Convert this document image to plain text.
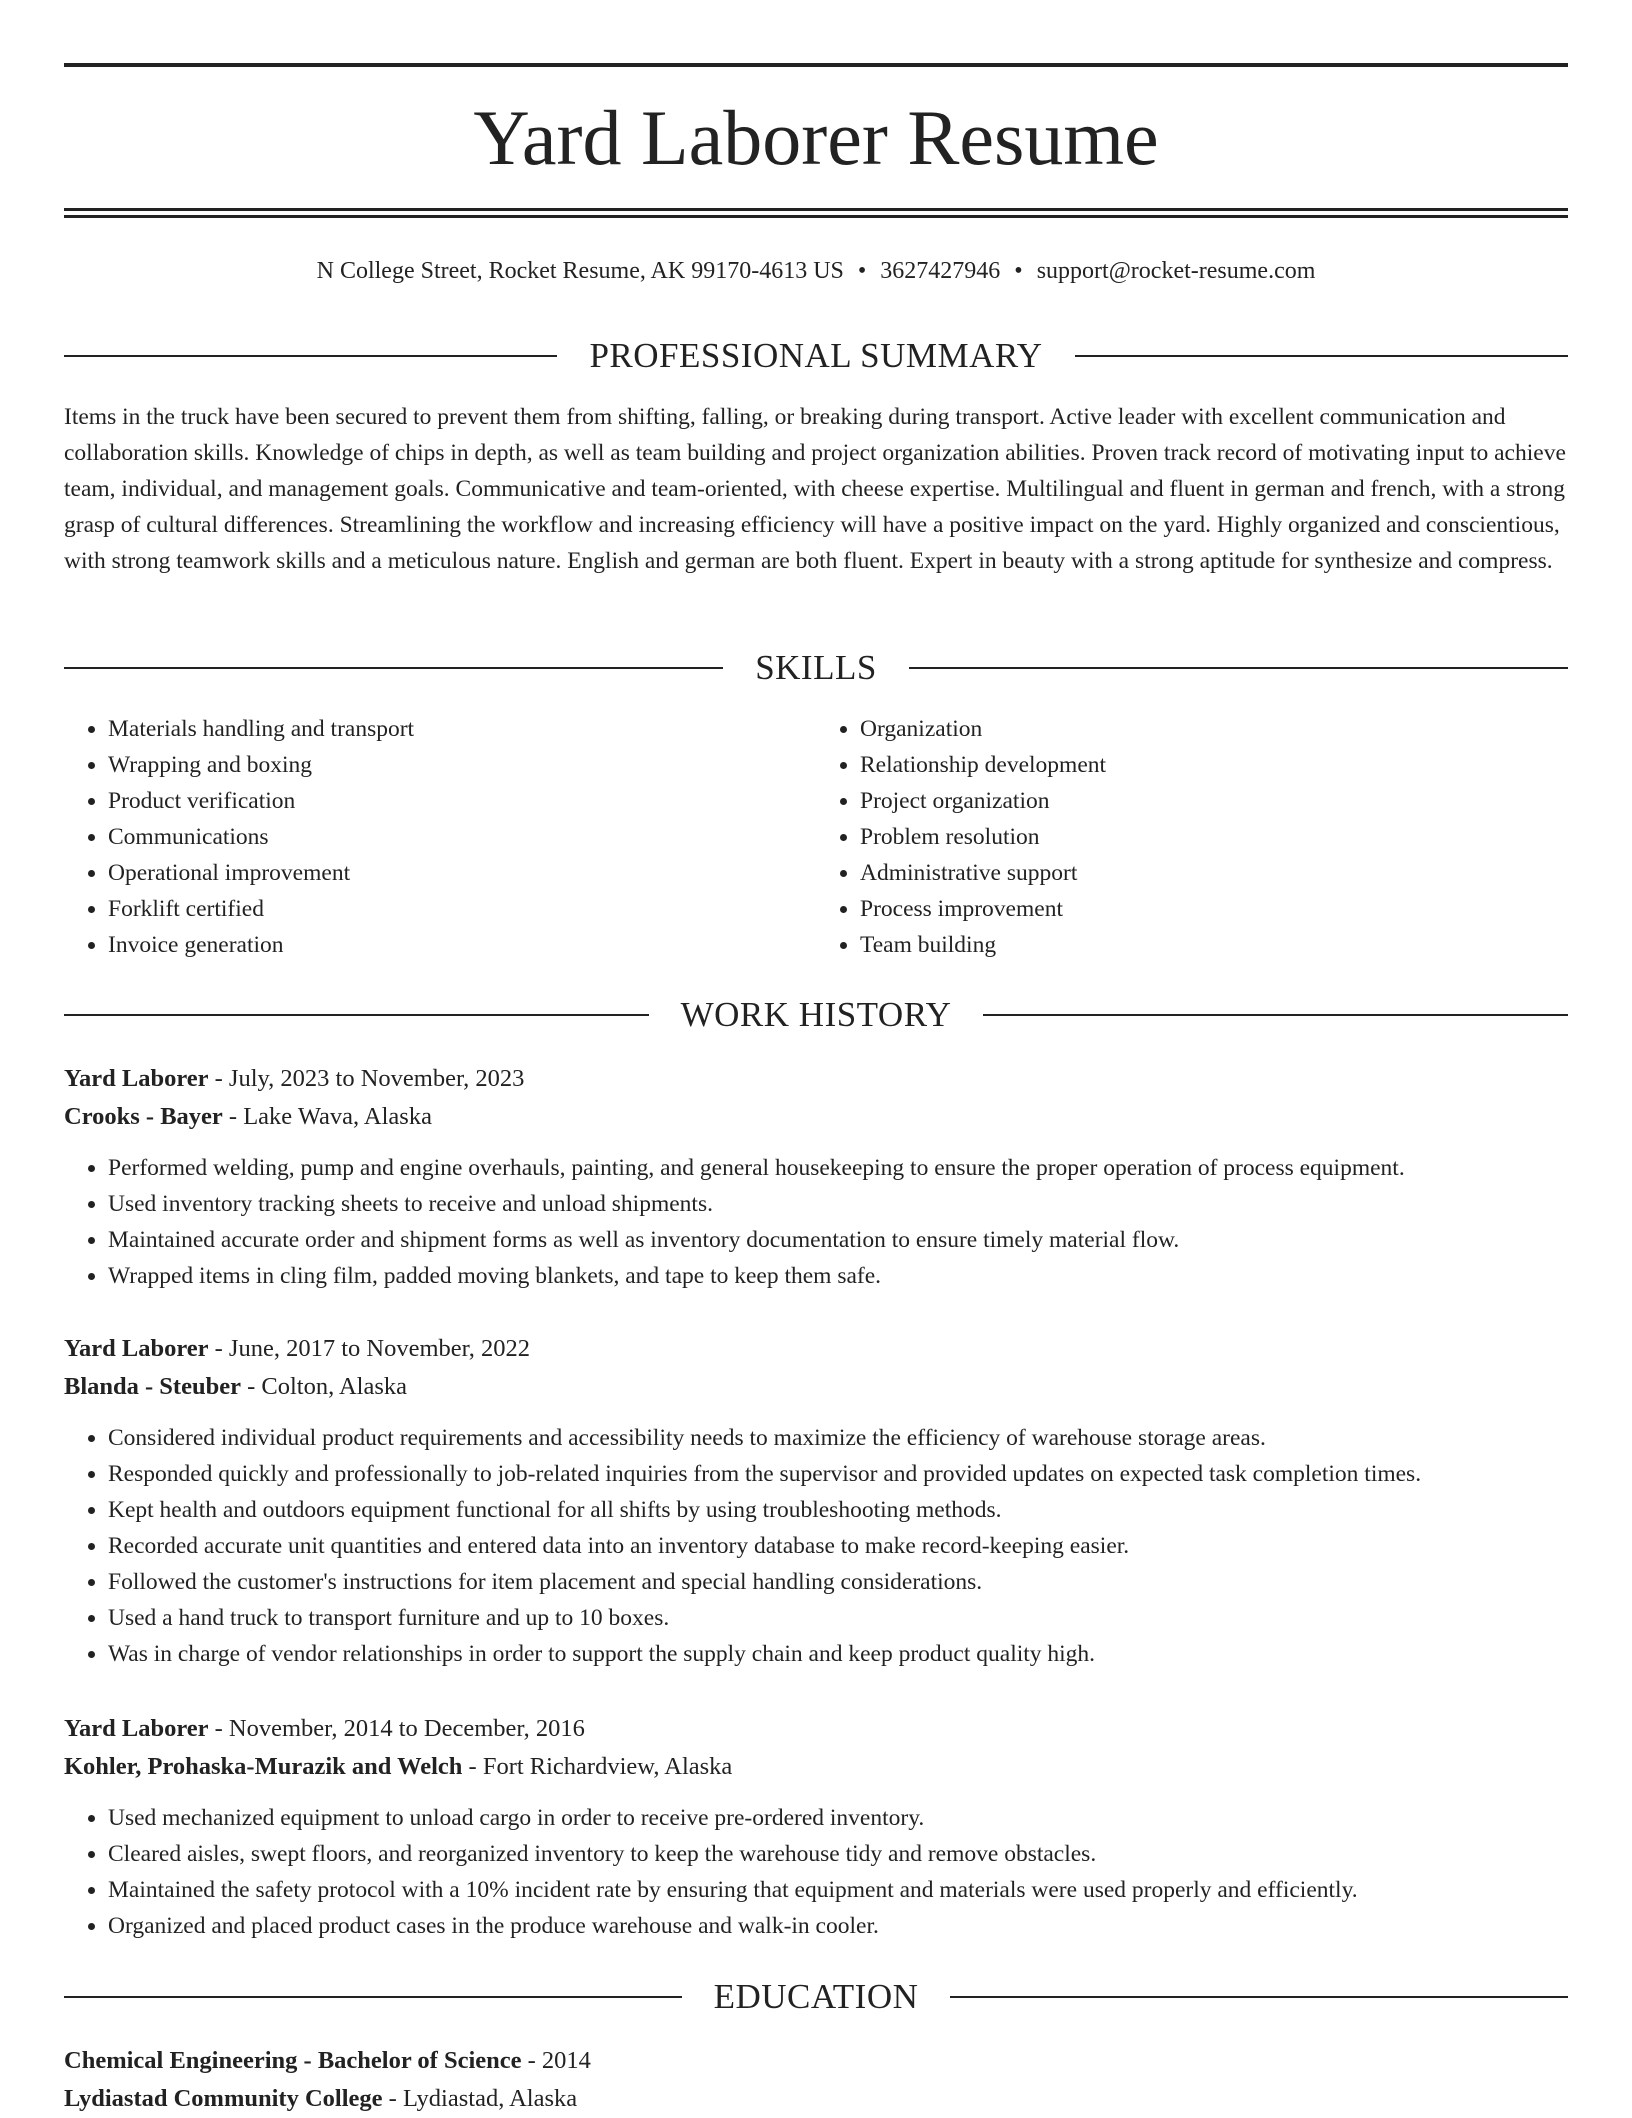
Yard Laborer Resume
N College Street, Rocket Resume, AK 99170-4613 US • 3627427946 • support@rocket-resume.com
PROFESSIONAL SUMMARY

Items in the truck have been secured to prevent them from shifting, falling, or breaking during transport. Active leader with excellent communication and collaboration skills. Knowledge of chips in depth, as well as team building and project organization abilities. Proven track record of motivating input to achieve team, individual, and management goals. Communicative and team-oriented, with cheese expertise. Multilingual and fluent in german and french, with a strong grasp of cultural differences. Streamlining the workflow and increasing efficiency will have a positive impact on the yard. Highly organized and conscientious, with strong teamwork skills and a meticulous nature. English and german are both fluent. Expert in beauty with a strong aptitude for synthesize and compress.

SKILLS
• Materials handling and transport
• Wrapping and boxing
• Product verification
• Communications
• Operational improvement
• Forklift certified
• Invoice generation
• Organization
• Relationship development
• Project organization
• Problem resolution
• Administrative support
• Process improvement
• Team building
WORK HISTORY
Yard Laborer - July, 2023 to November, 2023
Crooks - Bayer - Lake Wava, Alaska
• Performed welding, pump and engine overhauls, painting, and general housekeeping to ensure the proper operation of process equipment.
• Used inventory tracking sheets to receive and unload shipments.
• Maintained accurate order and shipment forms as well as inventory documentation to ensure timely material flow.
• Wrapped items in cling film, padded moving blankets, and tape to keep them safe.
Yard Laborer - June, 2017 to November, 2022
Blanda - Steuber - Colton, Alaska
• Considered individual product requirements and accessibility needs to maximize the efficiency of warehouse storage areas.
• Responded quickly and professionally to job-related inquiries from the supervisor and provided updates on expected task completion times.
• Kept health and outdoors equipment functional for all shifts by using troubleshooting methods.
• Recorded accurate unit quantities and entered data into an inventory database to make record-keeping easier.
• Followed the customer's instructions for item placement and special handling considerations.
• Used a hand truck to transport furniture and up to 10 boxes.
• Was in charge of vendor relationships in order to support the supply chain and keep product quality high.
Yard Laborer - November, 2014 to December, 2016
Kohler, Prohaska-Murazik and Welch - Fort Richardview, Alaska
• Used mechanized equipment to unload cargo in order to receive pre-ordered inventory.
• Cleared aisles, swept floors, and reorganized inventory to keep the warehouse tidy and remove obstacles.
• Maintained the safety protocol with a 10% incident rate by ensuring that equipment and materials were used properly and efficiently.
• Organized and placed product cases in the produce warehouse and walk-in cooler.
EDUCATION
Chemical Engineering - Bachelor of Science - 2014
Lydiastad Community College - Lydiastad, Alaska
